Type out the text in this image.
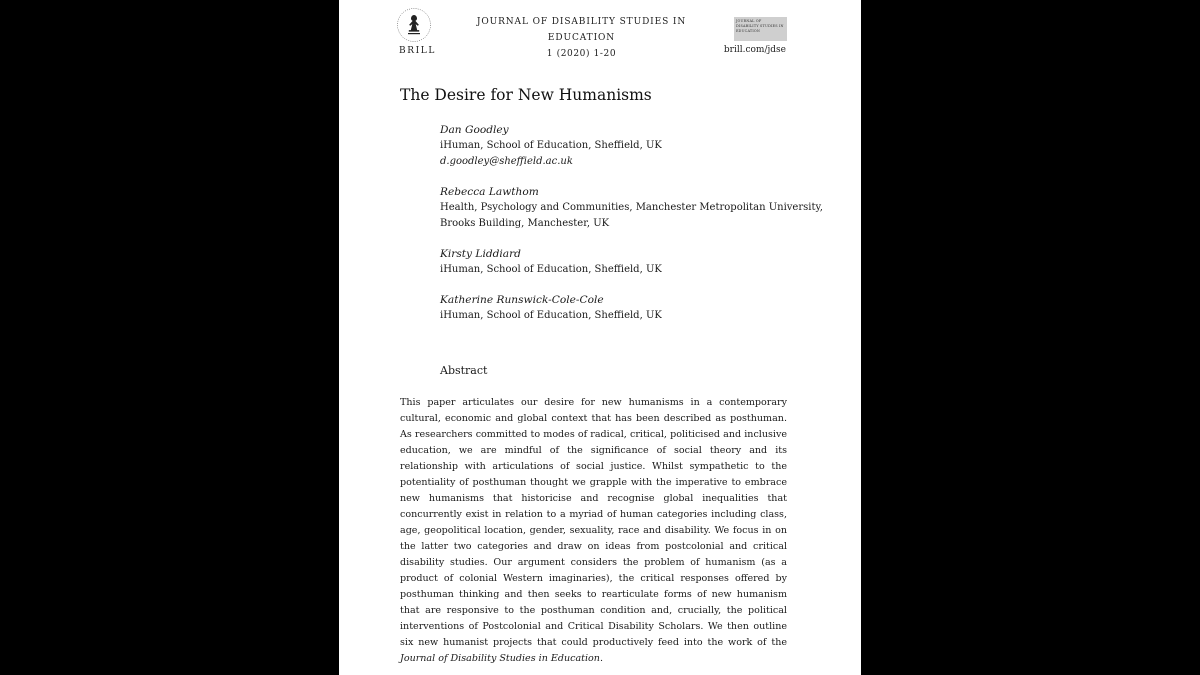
BRILL
JOURNAL OF DISABILITY STUDIES IN EDUCATION
1 (2020) 1-20
JOURNAL OF DISABILITY STUDIES IN EDUCATION
brill.com/jdse
The Desire for New Humanisms
Dan Goodley
iHuman, School of Education, Sheffield, UK
d.goodley@sheffield.ac.uk
Rebecca Lawthom
Health, Psychology and Communities, Manchester Metropolitan University,
Brooks Building, Manchester, UK
Kirsty Liddiard
iHuman, School of Education, Sheffield, UK
Katherine Runswick-Cole-Cole
iHuman, School of Education, Sheffield, UK
Abstract

This paper articulates our desire for new humanisms in a contemporary cultural, economic and global context that has been described as posthuman. As researchers committed to modes of radical, critical, politicised and inclusive education, we are mindful of the significance of social theory and its relationship with articulations of social justice. Whilst sympathetic to the potentiality of posthuman thought we grapple with the imperative to embrace new humanisms that historicise and recognise global inequalities that concurrently exist in relation to a myriad of human categories including class, age, geopolitical location, gender, sexuality, race and disability. We focus in on the latter two categories and draw on ideas from postcolonial and critical disability studies. Our argument considers the problem of humanism (as a product of colonial Western imaginaries), the critical responses offered by posthuman thinking and then seeks to rearticulate forms of new humanism that are responsive to the posthuman condition and, crucially, the political interventions of Postcolonial and Critical Disability Scholars. We then outline six new humanist projects that could productively feed into the work of the Journal of Disability Studies in Education.
